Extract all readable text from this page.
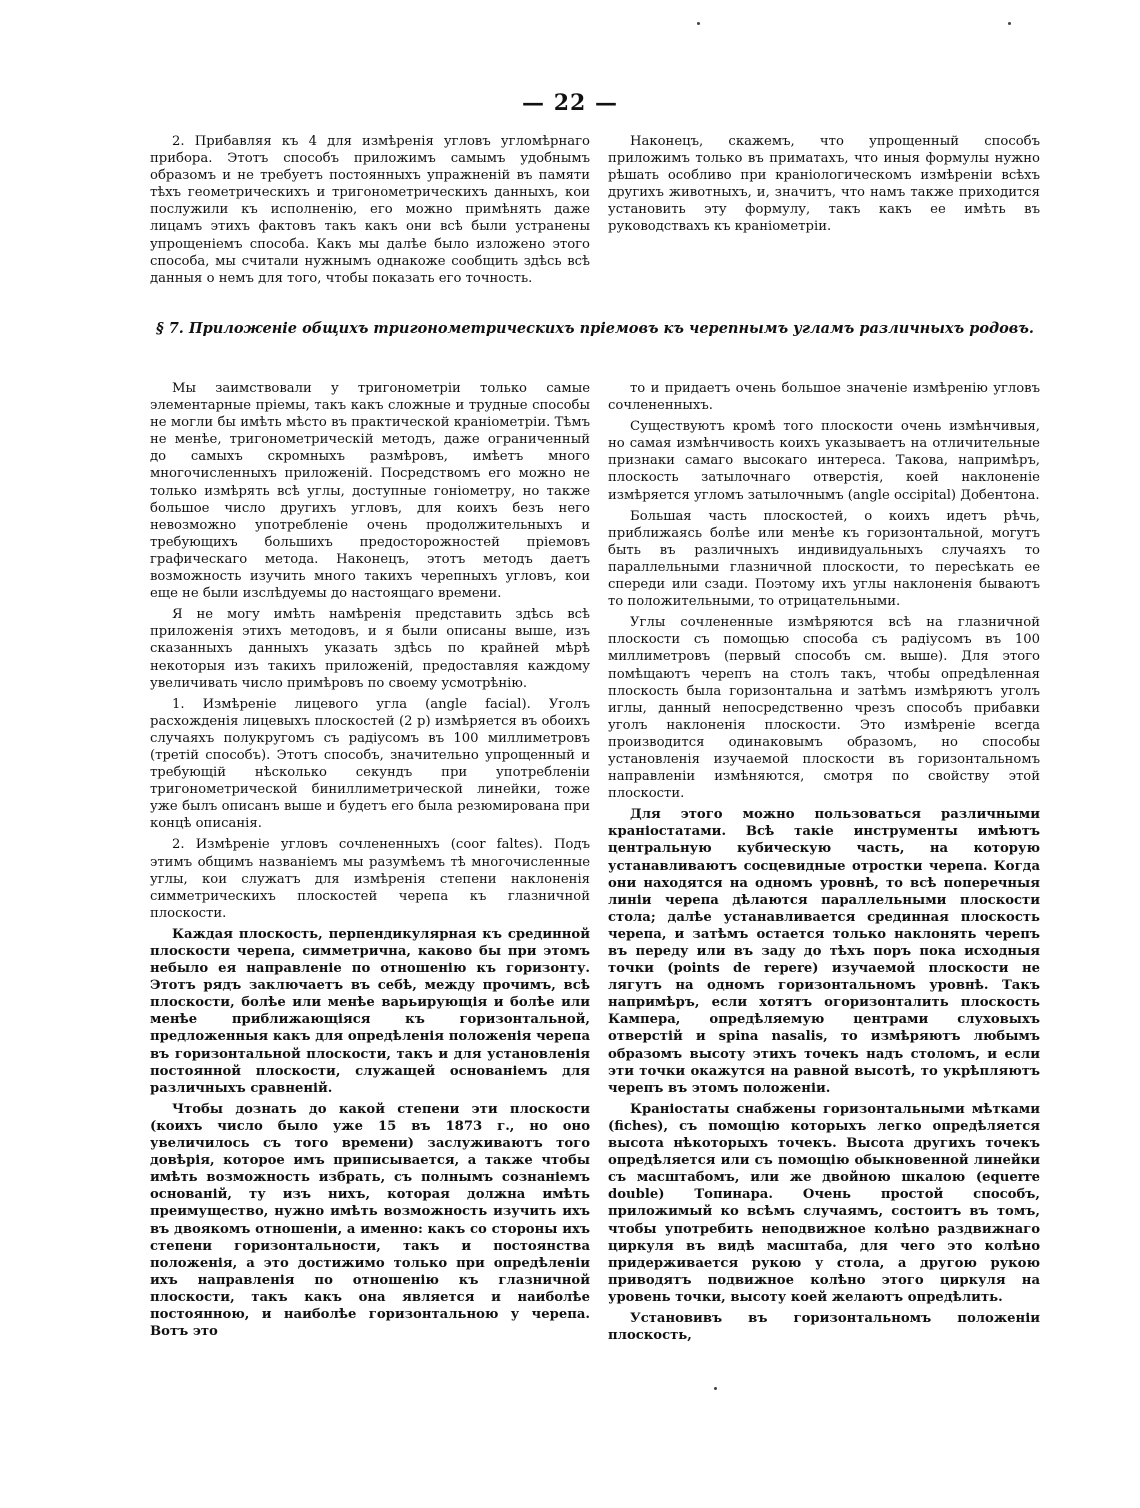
— 22 —

2. Прибавляя къ 4 для измѣренія угловъ угломѣрнаго прибора. Этотъ способъ приложимъ самымъ удобнымъ образомъ и не требуетъ постоянныхъ упражненій въ памяти тѣхъ геометрическихъ и тригонометрическихъ данныхъ, кои послужили къ исполненію, его можно примѣнять даже лицамъ этихъ фактовъ такъ какъ они всѣ были устранены упрощеніемъ способа. Какъ мы далѣе было изложено этого способа, мы считали нужнымъ однакоже сообщить здѣсь всѣ данныя о немъ для того, чтобы показать его точность.

Наконецъ, скажемъ, что упрощенный способъ приложимъ только въ приматахъ, что иныя формулы нужно рѣшать особливо при краніологическомъ измѣреніи всѣхъ другихъ животныхъ, и, значитъ, что намъ также приходится установить эту формулу, такъ какъ ее имѣть въ руководствахъ къ краніометріи.

§ 7. Приложеніе общихъ тригонометрическихъ пріемовъ къ черепнымъ угламъ различныхъ родовъ.

Мы заимствовали у тригонометріи только самые элементарные пріемы, такъ какъ сложные и трудные способы не могли бы имѣть мѣсто въ практической краніометріи. Тѣмъ не менѣе, тригонометрическій методъ, даже ограниченный до самыхъ скромныхъ размѣровъ, имѣетъ много многочисленныхъ приложеній. Посредствомъ его можно не только измѣрять всѣ углы, доступные гоніометру, но также большое число другихъ угловъ, для коихъ безъ него невозможно употребленіе очень продолжительныхъ и требующихъ большихъ предосторожностей пріемовъ графическаго метода. Наконецъ, этотъ методъ даетъ возможность изучить много такихъ черепныхъ угловъ, кои еще не были изслѣдуемы до настоящаго времени.

Я не могу имѣть намѣренія представить здѣсь всѣ приложенія этихъ методовъ, и я были описаны выше, изъ сказанныхъ данныхъ указать здѣсь по крайней мѣрѣ некоторыя изъ такихъ приложеній, предоставляя каждому увеличивать число примѣровъ по своему усмотрѣнію.

1. Измѣреніе лицевого угла (angle facial). Уголъ расхожденія лицевыхъ плоскостей (2 р) измѣряется въ обоихъ случаяхъ полукругомъ съ радіусомъ въ 100 миллиметровъ (третій способъ). Этотъ способъ, значительно упрощенный и требующій нѣсколько секундъ при употребленіи тригонометрической биниллиметрической линейки, тоже уже былъ описанъ выше и будетъ его была резюмирована при концѣ описанія.

2. Измѣреніе угловъ сочлененныхъ (coor faltes). Подъ этимъ общимъ названіемъ мы разумѣемъ тѣ многочисленные углы, кои служатъ для измѣренія степени наклоненія симметрическихъ плоскостей черепа къ глазничной плоскости.

Каждая плоскость, перпендикулярная къ срединной плоскости черепа, симметрична, каково бы при этомъ небыло ея направленіе по отношенію къ горизонту. Этотъ рядъ заключаетъ въ себѣ, между прочимъ, всѣ плоскости, болѣе или менѣе варьирующія и болѣе или менѣе приближающіяся къ горизонтальной, предложенныя какъ для опредѣленія положенія черепа въ горизонтальной плоскости, такъ и для установленія постоянной плоскости, служащей основаніемъ для различныхъ сравненій.

Чтобы дознать до какой степени эти плоскости (коихъ число было уже 15 въ 1873 г., но оно увеличилось съ того времени) заслуживаютъ того довѣрія, которое имъ приписывается, а также чтобы имѣть возможность избрать, съ полнымъ сознаніемъ основаній, ту изъ нихъ, которая должна имѣть преимущество, нужно имѣть возможность изучить ихъ въ двоякомъ отношеніи, а именно: какъ со стороны ихъ степени горизонтальности, такъ и постоянства положенія, а это достижимо только при опредѣленіи ихъ направленія по отношенію къ глазничной плоскости, такъ какъ она является и наиболѣе постоянною, и наиболѣе горизонтальною у черепа. Вотъ это

то и придаетъ очень большое значеніе измѣренію угловъ сочлененныхъ.

Существуютъ кромѣ того плоскости очень измѣнчивыя, но самая измѣнчивость коихъ указываетъ на отличительные признаки самаго высокаго интереса. Такова, напримѣръ, плоскость затылочнаго отверстія, коей наклоненіе измѣряется угломъ затылочнымъ (angle occipital) Добентона.

Большая часть плоскостей, о коихъ идетъ рѣчь, приближаясь болѣе или менѣе къ горизонтальной, могутъ быть въ различныхъ индивидуальныхъ случаяхъ то параллельными глазничной плоскости, то пересѣкать ее спереди или сзади. Поэтому ихъ углы наклоненія бываютъ то положительными, то отрицательными.

Углы сочлененные измѣряются всѣ на глазничной плоскости съ помощью способа съ радіусомъ въ 100 миллиметровъ (первый способъ см. выше). Для этого помѣщаютъ черепъ на столъ такъ, чтобы опредѣленная плоскость была горизонтальна и затѣмъ измѣряютъ уголъ иглы, данный непосредственно чрезъ способъ прибавки уголъ наклоненія плоскости. Это измѣреніе всегда производится одинаковымъ образомъ, но способы установленія изучаемой плоскости въ горизонтальномъ направленіи измѣняются, смотря по свойству этой плоскости.

Для этого можно пользоваться различными краніостатами. Всѣ такіе инструменты имѣютъ центральную кубическую часть, на которую устанавливаютъ сосцевидные отростки черепа. Когда они находятся на одномъ уровнѣ, то всѣ поперечныя линіи черепа дѣлаются параллельными плоскости стола; далѣе устанавливается срединная плоскость черепа, и затѣмъ остается только наклонять черепъ въ переду или въ заду до тѣхъ поръ пока исходныя точки (points de repere) изучаемой плоскости не лягутъ на одномъ горизонтальномъ уровнѣ. Такъ напримѣръ, если хотятъ огоризонталить плоскость Кампера, опредѣляемую центрами слуховыхъ отверстій и spina nasalis, то измѣряютъ любымъ образомъ высоту этихъ точекъ надъ столомъ, и если эти точки окажутся на равной высотѣ, то укрѣпляютъ черепъ въ этомъ положеніи.

Краніостаты снабжены горизонтальными мѣтками (fiches), съ помощію которыхъ легко опредѣляется высота нѣкоторыхъ точекъ. Высота другихъ точекъ опредѣляется или съ помощію обыкновенной линейки съ масштабомъ, или же двойною шкалою (equerre double) Топинара. Очень простой способъ, приложимый ко всѣмъ случаямъ, состоитъ въ томъ, чтобы употребить неподвижное колѣно раздвижнаго циркуля въ видѣ масштаба, для чего это колѣно придерживается рукою у стола, а другою рукою приводятъ подвижное колѣно этого циркуля на уровень точки, высоту коей желаютъ опредѣлить.

Установивъ въ горизонтальномъ положеніи плоскость,
